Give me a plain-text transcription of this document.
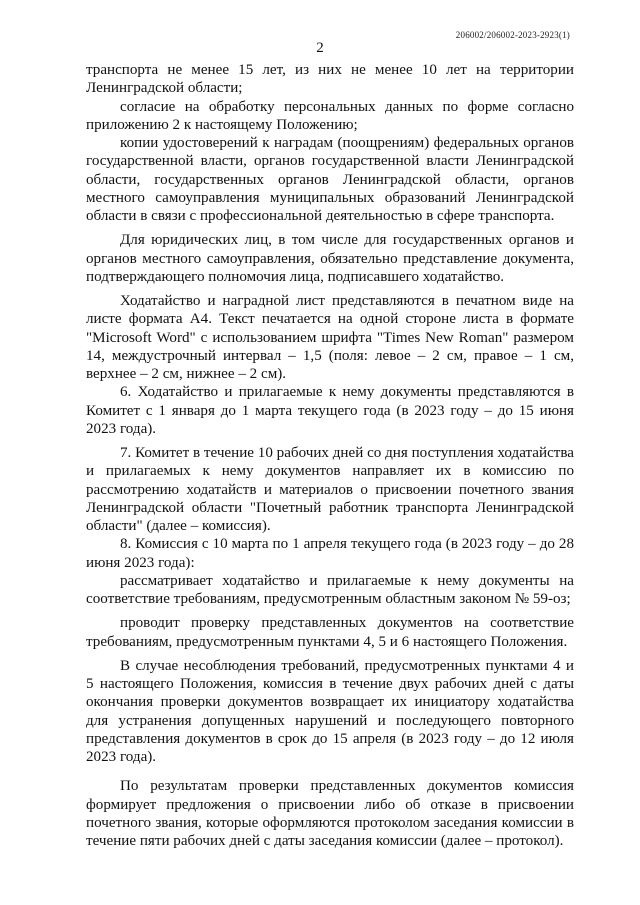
206002/206002-2023-2923(1)
2

транспорта не менее 15 лет, из них не менее 10 лет на территории Ленинградской области;

согласие на обработку персональных данных по форме согласно приложению 2 к настоящему Положению;

копии удостоверений к наградам (поощрениям) федеральных органов государственной власти, органов государственной власти Ленинградской области, государственных органов Ленинградской области, органов местного самоуправления муниципальных образований Ленинградской области в связи с профессиональной деятельностью в сфере транспорта.

Для юридических лиц, в том числе для государственных органов и органов местного самоуправления, обязательно представление документа, подтверждающего полномочия лица, подписавшего ходатайство.

Ходатайство и наградной лист представляются в печатном виде на листе формата А4. Текст печатается на одной стороне листа в формате "Microsoft Word" с использованием шрифта "Times New Roman" размером 14, междустрочный интервал – 1,5 (поля: левое – 2 см, правое – 1 см, верхнее – 2 см, нижнее – 2 см).

6. Ходатайство и прилагаемые к нему документы представляются в Комитет с 1 января до 1 марта текущего года (в 2023 году – до 15 июня 2023 года).

7. Комитет в течение 10 рабочих дней со дня поступления ходатайства и прилагаемых к нему документов направляет их в комиссию по рассмотрению ходатайств и материалов о присвоении почетного звания Ленинградской области "Почетный работник транспорта Ленинградской области" (далее – комиссия).

8. Комиссия с 10 марта по 1 апреля текущего года (в 2023 году – до 28 июня 2023 года):

рассматривает ходатайство и прилагаемые к нему документы на соответствие требованиям, предусмотренным областным законом № 59-оз;

проводит проверку представленных документов на соответствие требованиям, предусмотренным пунктами 4, 5 и 6 настоящего Положения.

В случае несоблюдения требований, предусмотренных пунктами 4 и 5 настоящего Положения, комиссия в течение двух рабочих дней с даты окончания проверки документов возвращает их инициатору ходатайства для устранения допущенных нарушений и последующего повторного представления документов в срок до 15 апреля (в 2023 году – до 12 июля 2023 года).

По результатам проверки представленных документов комиссия формирует предложения о присвоении либо об отказе в присвоении почетного звания, которые оформляются протоколом заседания комиссии в течение пяти рабочих дней с даты заседания комиссии (далее – протокол).
